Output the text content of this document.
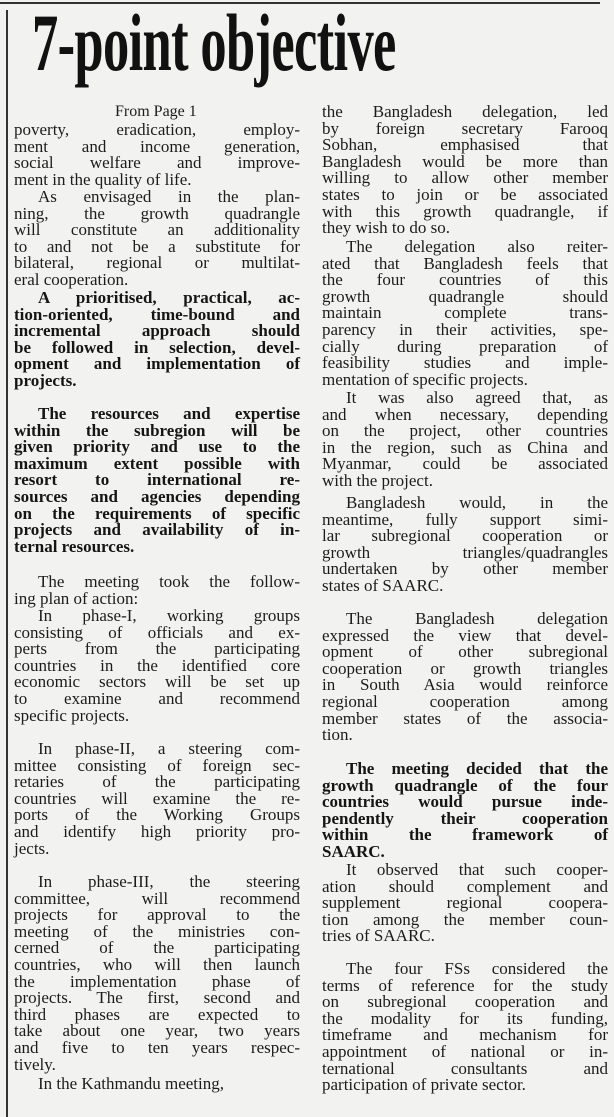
7-point objective
From Page 1
poverty, eradication, employ-
ment and income generation,
social welfare and improve-
ment in the quality of life.
As envisaged in the plan-
ning, the growth quadrangle
will constitute an additionality
to and not be a substitute for
bilateral, regional or multilat-
eral cooperation.
A prioritised, practical, ac-
tion-oriented, time-bound and
incremental approach should
be followed in selection, devel-
opment and implementation of
projects.
The resources and expertise
within the subregion will be
given priority and use to the
maximum extent possible with
resort to international re-
sources and agencies depending
on the requirements of specific
projects and availability of in-
ternal resources.
The meeting took the follow-
ing plan of action:
In phase-I, working groups
consisting of officials and ex-
perts from the participating
countries in the identified core
economic sectors will be set up
to examine and recommend
specific projects.
In phase-II, a steering com-
mittee consisting of foreign sec-
retaries of the participating
countries will examine the re-
ports of the Working Groups
and identify high priority pro-
jects.
In phase-III, the steering
committee, will recommend
projects for approval to the
meeting of the ministries con-
cerned of the participating
countries, who will then launch
the implementation phase of
projects. The first, second and
third phases are expected to
take about one year, two years
and five to ten years respec-
tively.
In the Kathmandu meeting,
the Bangladesh delegation, led
by foreign secretary Farooq
Sobhan, emphasised that
Bangladesh would be more than
willing to allow other member
states to join or be associated
with this growth quadrangle, if
they wish to do so.
The delegation also reiter-
ated that Bangladesh feels that
the four countries of this
growth quadrangle should
maintain complete trans-
parency in their activities, spe-
cially during preparation of
feasibility studies and imple-
mentation of specific projects.
It was also agreed that, as
and when necessary, depending
on the project, other countries
in the region, such as China and
Myanmar, could be associated
with the project.
Bangladesh would, in the
meantime, fully support simi-
lar subregional cooperation or
growth triangles/quadrangles
undertaken by other member
states of SAARC.
The Bangladesh delegation
expressed the view that devel-
opment of other subregional
cooperation or growth triangles
in South Asia would reinforce
regional cooperation among
member states of the associa-
tion.
The meeting decided that the
growth quadrangle of the four
countries would pursue inde-
pendently their cooperation
within the framework of
SAARC.
It observed that such cooper-
ation should complement and
supplement regional coopera-
tion among the member coun-
tries of SAARC.
The four FSs considered the
terms of reference for the study
on subregional cooperation and
the modality for its funding,
timeframe and mechanism for
appointment of national or in-
ternational consultants and
participation of private sector.
